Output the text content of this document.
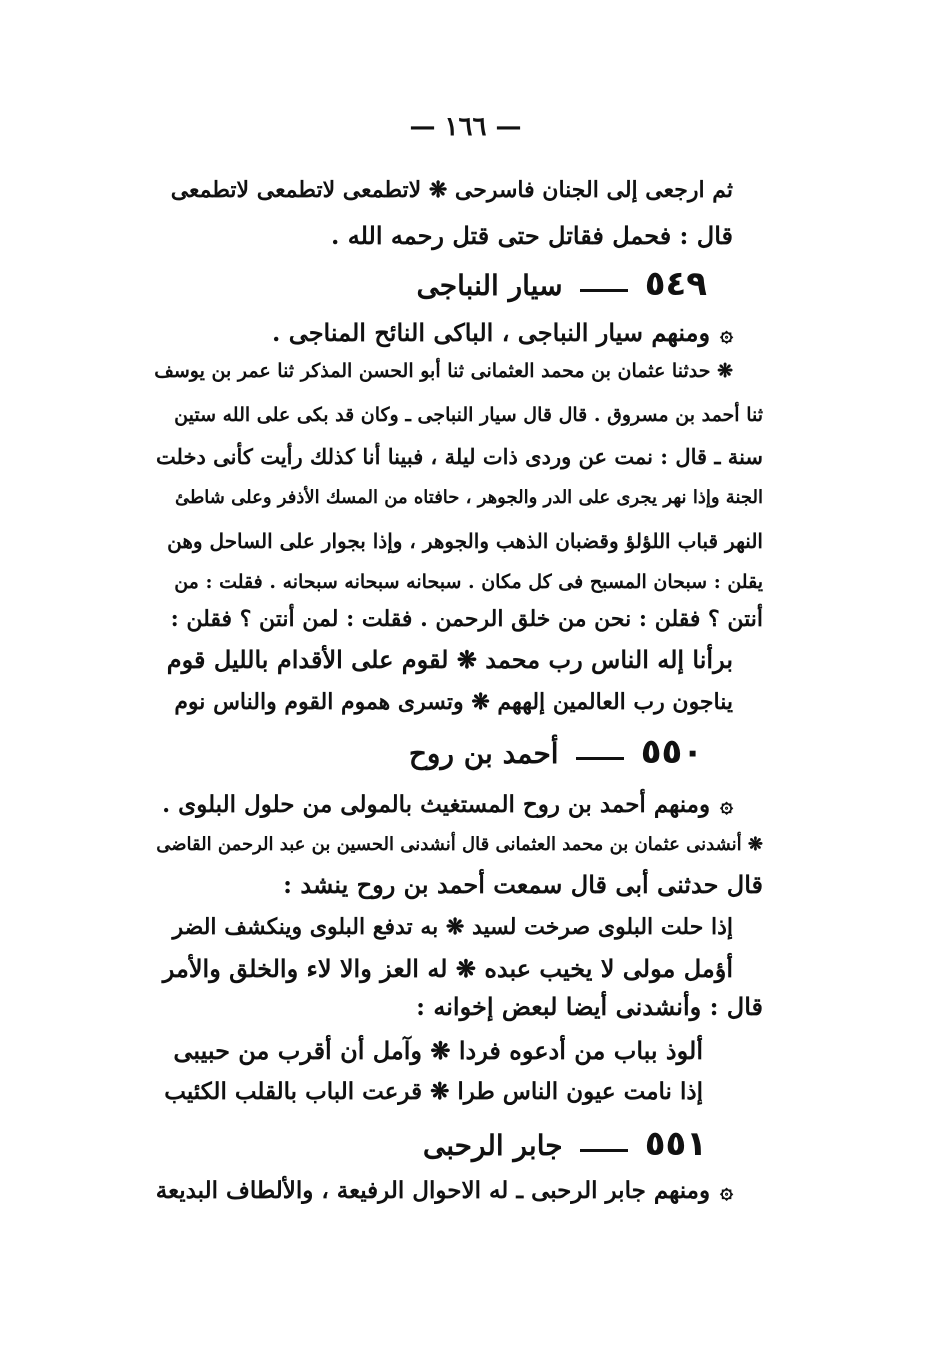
— ١٦٦ —
ثم ارجعى إلى الجنان فاسرحى ❋ لاتطمعى لاتطمعى لاتطمعى
قال : فحمل فقاتل حتى قتل رحمه الله .
٥٤٩  سيار النباجى
۞ومنهم سيار النباجى ، الباكى النائح المناجى .
❋ حدثنا عثمان بن محمد العثمانى ثنا أبو الحسن المذكر ثنا عمر بن يوسف
ثنا أحمد بن مسروق . قال قال سيار النباجى ـ وكان قد بكى على الله ستين
سنة ـ قال : نمت عن وردى ذات ليلة ، فبينا أنا كذلك رأيت كأنى دخلت
الجنة وإذا نهر يجرى على الدر والجوهر ، حافتاه من المسك الأذفر وعلى شاطئ
النهر قباب اللؤلؤ وقضبان الذهب والجوهر ، وإذا بجوار على الساحل وهن
يقلن : سبحان المسبح فى كل مكان . سبحانه سبحانه سبحانه . فقلت : من
أنتن ؟ فقلن : نحن من خلق الرحمن . فقلت : لمن أنتن ؟ فقلن :
برأنا إله الناس رب محمد ❋ لقوم على الأقدام بالليل قوم
يناجون رب العالمين إلههم ❋ وتسرى هموم القوم والناس نوم
٥٥٠  أحمد بن روح
۞ومنهم أحمد بن روح المستغيث بالمولى من حلول البلوى .
❋ أنشدنى عثمان بن محمد العثمانى قال أنشدنى الحسين بن عبد الرحمن القاضى
قال حدثنى أبى قال سمعت أحمد بن روح ينشد :
إذا حلت البلوى صرخت لسيد ❋ به تدفع البلوى وينكشف الضر
أؤمل مولى لا يخيب عبده ❋ له العز والا لاء والخلق والأمر
قال : وأنشدنى أيضا لبعض إخوانه :
ألوذ بباب من أدعوه فردا ❋ وآمل أن أقرب من حبيبى
إذا نامت عيون الناس طرا ❋ قرعت الباب بالقلب الكئيب
٥٥١  جابر الرحبى
۞ومنهم جابر الرحبى ـ له الاحوال الرفيعة ، والألطاف البديعة
